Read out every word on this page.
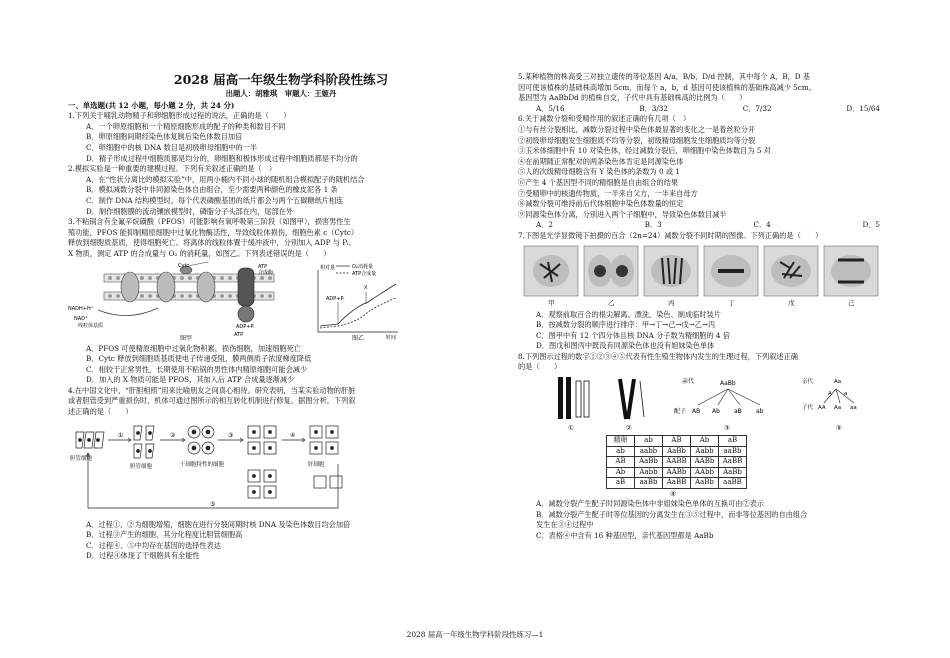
2028 届高一年级生物学科阶段性练习
出题人：胡雅琪　审题人：王姬丹
一、单选题(共 12 小题，每小题 2 分，共 24 分)
1.下列关于哺乳动物精子和卵细胞形成过程的说法，正确的是（　　）
A．一个卵原细胞和一个精原细胞形成的配子的种类和数目不同
B．卵原细胞间期经染色体复制后染色体数目加倍
C．卵细胞中的核 DNA 数目是初级卵母细胞中的一半
D．精子形成过程中细胞质都是均分的，卵细胞和极体形成过程中细胞质都是不均分的
2.模拟实验是一种重要的建模过程。下列有关叙述正确的是（　）
A．在“性状分离比的模拟实验”中，用两小桶内不同小球的随机组合模拟配子的随机结合
B．模拟减数分裂中非同源染色体自由组合，至少需要两种颜色的橡皮泥各 1 条
C．制作 DNA 结构模型时，每个代表磷酸基团的纸片都会与两个五碳糖纸片相连
D．制作细胞膜的流动镶嵌模型时，磷脂分子头部在内，尾部在外
3.不粘锅含有全氟辛烷磺酸（PFOS）可能影响有氧呼吸第三阶段（如图甲），损害男性生
殖功能，PFOS 能抑制精原细胞中过氧化物酶活性，导致线粒体损伤，细胞色素 c（Cytc）
释放到细胞质基质，使得细胞死亡。将离体的线粒体置于缓冲液中，分别加入 ADP 与 Pᵢ、
X 物质，测定 ATP 的合成量与 O₂ 的消耗量，如图乙。下列表述错误的是（　　）
NADH+H⁺
NAD⁺
线粒体基质
Cytc	ATP
合成酶
ADP+Pᵢ
ATP
图甲
相对量	O₂消耗量
ATP合成量
X
ADP+Pᵢ
时间
图乙
A．PFOS 可使精原细胞中过氧化物积累，损伤细胞，加速细胞死亡
B．Cytc 释放到细胞质基质使电子传递受阻，膜两侧质子浓度梯度降低
C．相较于正常男性，长期使用不粘锅的男性体内精原细胞可能会减少
D．加入的 X 物质可能是 PFOS，其加入后 ATP 合成量逐渐减少
4.在中国文化中，“肝胆相照”用来比喻朋友之间真心相待。研究表明，当某实验动物的肝脏
或者胆管受到严重损伤时，机体可通过图所示的相互转化机制进行修复。据图分析，下列叙
述正确的是（　　）
①	②	③	④
⑤
胆管细胞
胆管细胞	干细胞特性的细胞	肝细胞
A．过程①、②为细胞增殖，细胞在进行分裂间期时核 DNA 及染色体数目均会加倍
B．过程③产生的细胞，其分化程度比胆管细胞高
C．过程④、⑤中均存在基因的选择性表达
D．过程④体现了干细胞具有全能性
5.某种植物的株高受三对独立遗传的等位基因 A/a，B/b，D/d 控制，其中每个 A，B，D 基
因可使该植株的基础株高增加 5cm，而每个 a，b，d 基因可使该植株的基础株高减少 5cm。
基因型为 AaBbDd 的植株自交，子代中具有基础株高的比例为（　　）
A．5/16	B．3/32	C．7/32	D．15/64
6.关于减数分裂和受精作用的叙述正确的有几项（　）
①与有丝分裂相比，减数分裂过程中染色体最显著的变化之一是着丝粒分开
②初级卵母细胞发生细胞质不均等分裂，初级精母细胞发生细胞质均等分裂
③玉米体细胞中有 10 对染色体，经过减数分裂后，卵细胞中染色体数目为 5 对
④在前期随正常配对的两条染色体肯定是同源染色体
⑤人的次级精母细胞含有 Y 染色体的条数为 0 或 1
⑥产生 4 个基因型不同的精细胞是自由组合的结果
⑦受精卵中的核遗传物质，一半来自父方，一半来自母方
⑧减数分裂可维持前后代体细胞中染色体数量的恒定
⑨同源染色体分离，分别进入两个子细胞中，导致染色体数目减半
A．2	B．3	C．4	D．5
7.下图是光学显微镜下拍摄的百合（2n=24）减数分裂不同时期的图像。下列正确的是（　　）
甲	乙	丙	丁	戊	己
A．观察前取百合的根尖解离、漂洗、染色、制成临时装片
B．按减数分裂的顺序进行排序：甲→丁→己→戊→乙→丙
C．图甲中有 12 个四分体且核 DNA 分子数为精细胞的 4 倍
D．图戊和图丙中既没有同源染色体也没有姐妹染色单体
8.下列图示过程的数字①②③④⑤代表有性生殖生物体内发生的生理过程，下列叙述正确
的是（　　）
亲代	AaBb
配子 AB Ab aB ab
亲代	Aa
A a
子代 AA Aa aa
①	②	③	⑤
精卵	ab	AB	Ab	aB
ab	aabb	AaBb	Aabb	aaBb
AB	AaBb	AABB	AABb	AaBB
Ab	Aabb	AABb	AAbb	AaBb
aB	aaBb	AaBB	AaBb	aaBB
④
A．减数分裂产生配子时同源染色体中非姐妹染色单体的互换可由②表示
B．减数分裂产生配子时等位基因的分离发生在③⑤过程中，而非等位基因的自由组合
发生在③④过程中
C．表格④中含有 16 种基因型，亲代基因型都是 AaBb
2028 届高一年级生物学科阶段性练习—1
